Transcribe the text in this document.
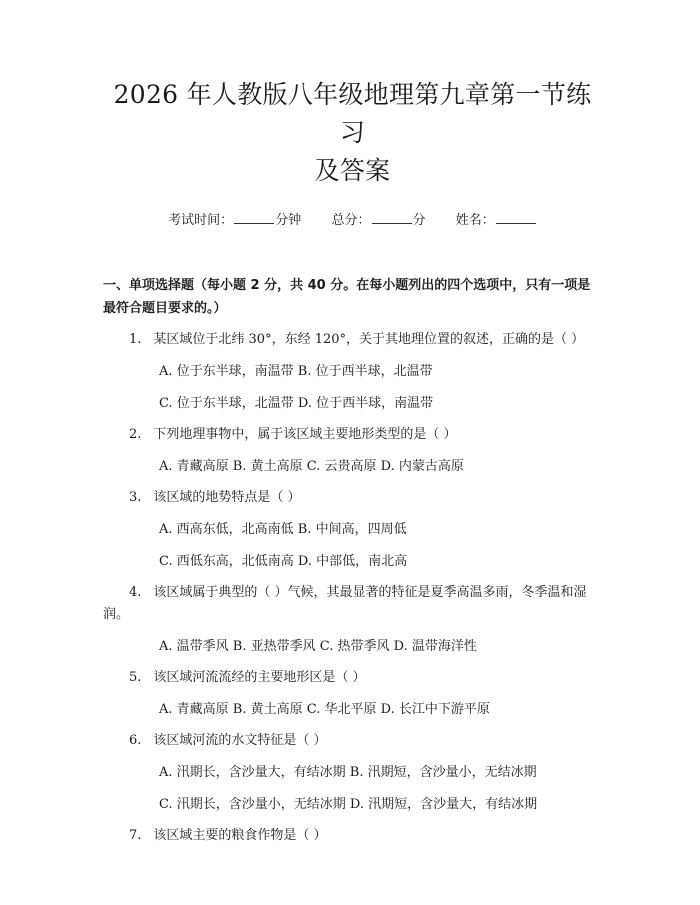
2026 年人教版八年级地理第九章第一节练习
及答案
考试时间：	分钟 总分：	分 姓名：
一、单项选择题（每小题 2 分，共 40 分。在每小题列出的四个选项中，只有一项是最符合题目要求的。）
1. 某区域位于北纬 30°，东经 120°，关于其地理位置的叙述，正确的是（ ）
A. 位于东半球，南温带 B. 位于西半球，北温带
C. 位于东半球，北温带 D. 位于西半球，南温带
2. 下列地理事物中，属于该区域主要地形类型的是（ ）
A. 青藏高原 B. 黄土高原 C. 云贵高原 D. 内蒙古高原
3. 该区域的地势特点是（ ）
A. 西高东低，北高南低 B. 中间高，四周低
C. 西低东高，北低南高 D. 中部低，南北高
4. 该区域属于典型的（ ）气候，其最显著的特征是夏季高温多雨，冬季温和湿润。
A. 温带季风 B. 亚热带季风 C. 热带季风 D. 温带海洋性
5. 该区域河流流经的主要地形区是（ ）
A. 青藏高原 B. 黄土高原 C. 华北平原 D. 长江中下游平原
6. 该区域河流的水文特征是（ ）
A. 汛期长，含沙量大，有结冰期 B. 汛期短，含沙量小，无结冰期
C. 汛期长，含沙量小，无结冰期 D. 汛期短，含沙量大，有结冰期
7. 该区域主要的粮食作物是（ ）
